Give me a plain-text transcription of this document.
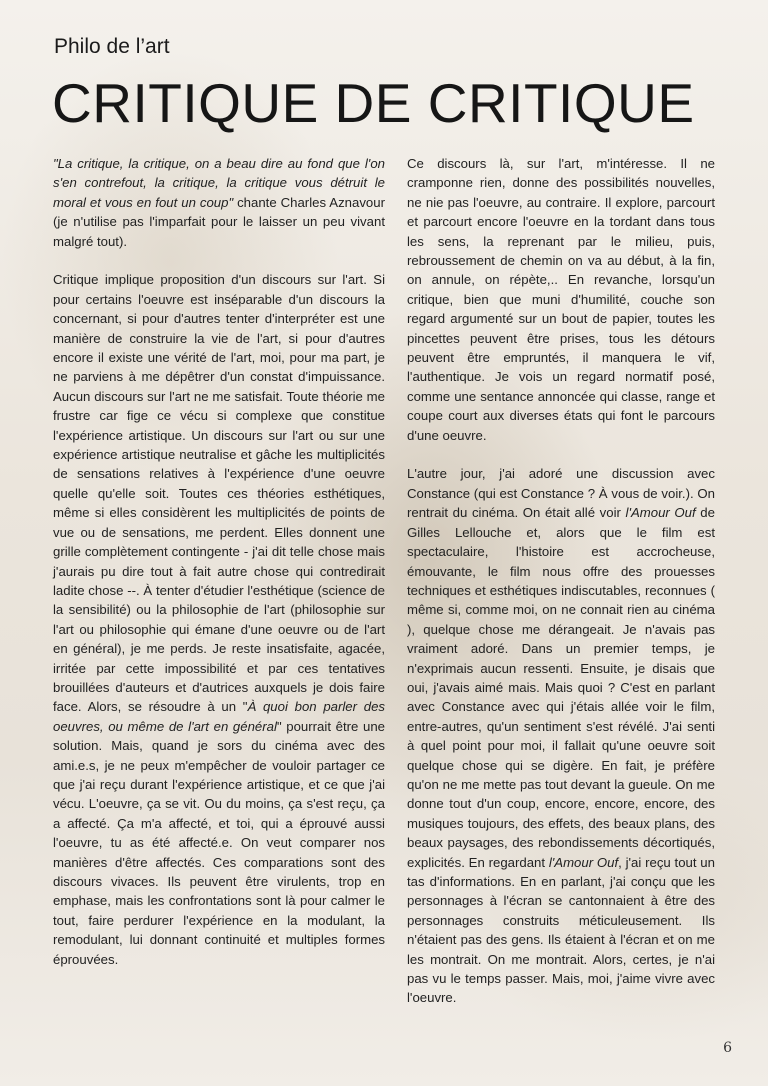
Philo de l’art
CRITIQUE DE CRITIQUE

"La critique, la critique, on a beau dire au fond que l'on s'en contrefout, la critique, la critique vous détruit le moral et vous en fout un coup" chante Charles Aznavour (je n'utilise pas l'imparfait pour le laisser un peu vivant malgré tout).

Critique implique proposition d'un discours sur l'art. Si pour certains l'oeuvre est inséparable d'un discours la concernant, si pour d'autres tenter d'interpréter est une manière de construire la vie de l'art, si pour d'autres encore il existe une vérité de l'art, moi, pour ma part, je ne parviens à me dépêtrer d'un constat d'impuissance. Aucun discours sur l'art ne me satisfait. Toute théorie me frustre car fige ce vécu si complexe que constitue l'expérience artistique. Un discours sur l'art ou sur une expérience artistique neutralise et gâche les multiplicités de sensations relatives à l'expérience d'une oeuvre quelle qu'elle soit. Toutes ces théories esthétiques, même si elles considèrent les multiplicités de points de vue ou de sensations, me perdent. Elles donnent une grille complètement contingente - j'ai dit telle chose mais j'aurais pu dire tout à fait autre chose qui contredirait ladite chose --. À tenter d'étudier l'esthétique (science de la sensibilité) ou la philosophie de l'art (philosophie sur l'art ou philosophie qui émane d'une oeuvre ou de l'art en général), je me perds. Je reste insatisfaite, agacée, irritée par cette impossibilité et par ces tentatives brouillées d'auteurs et d'autrices auxquels je dois faire face. Alors, se résoudre à un "À quoi bon parler des oeuvres, ou même de l'art en général" pourrait être une solution. Mais, quand je sors du cinéma avec des ami.e.s, je ne peux m'empêcher de vouloir partager ce que j'ai reçu durant l'expérience artistique, et ce que j'ai vécu. L'oeuvre, ça se vit. Ou du moins, ça s'est reçu, ça a affecté. Ça m'a affecté, et toi, qui a éprouvé aussi l'oeuvre, tu as été affecté.e. On veut comparer nos manières d'être affectés. Ces comparations sont des discours vivaces. Ils peuvent être virulents, trop en emphase, mais les confrontations sont là pour calmer le tout, faire perdurer l'expérience en la modulant, la remodulant, lui donnant continuité et multiples formes éprouvées.

Ce discours là, sur l'art, m'intéresse. Il ne cramponne rien, donne des possibilités nouvelles, ne nie pas l'oeuvre, au contraire. Il explore, parcourt et parcourt encore l'oeuvre en la tordant dans tous les sens, la reprenant par le milieu, puis, rebroussement de chemin on va au début, à la fin, on annule, on répète,.. En revanche, lorsqu'un critique, bien que muni d'humilité, couche son regard argumenté sur un bout de papier, toutes les pincettes peuvent être prises, tous les détours peuvent être empruntés, il manquera le vif, l'authentique. Je vois un regard normatif posé, comme une sentance annoncée qui classe, range et coupe court aux diverses états qui font le parcours d'une oeuvre.

L'autre jour, j'ai adoré une discussion avec Constance (qui est Constance ? À vous de voir.). On rentrait du cinéma. On était allé voir l'Amour Ouf de Gilles Lellouche et, alors que le film est spectaculaire, l'histoire est accrocheuse, émouvante, le film nous offre des prouesses techniques et esthétiques indiscutables, reconnues ( même si, comme moi, on ne connait rien au cinéma ), quelque chose me dérangeait. Je n'avais pas vraiment adoré. Dans un premier temps, je n'exprimais aucun ressenti. Ensuite, je disais que oui, j'avais aimé mais. Mais quoi ? C'est en parlant avec Constance avec qui j'étais allée voir le film, entre-autres, qu'un sentiment s'est révélé. J'ai senti à quel point pour moi, il fallait qu'une oeuvre soit quelque chose qui se digère. En fait, je préfère qu'on ne me mette pas tout devant la gueule. On me donne tout d'un coup, encore, encore, encore, des musiques toujours, des effets, des beaux plans, des beaux paysages, des rebondissements décortiqués, explicités. En regardant l'Amour Ouf, j'ai reçu tout un tas d'informations. En en parlant, j'ai conçu que les personnages à l'écran se cantonnaient à être des personnages construits méticuleusement. Ils n'étaient pas des gens. Ils étaient à l'écran et on me les montrait. On me montrait. Alors, certes, je n'ai pas vu le temps passer. Mais, moi, j'aime vivre avec l'oeuvre.

6
